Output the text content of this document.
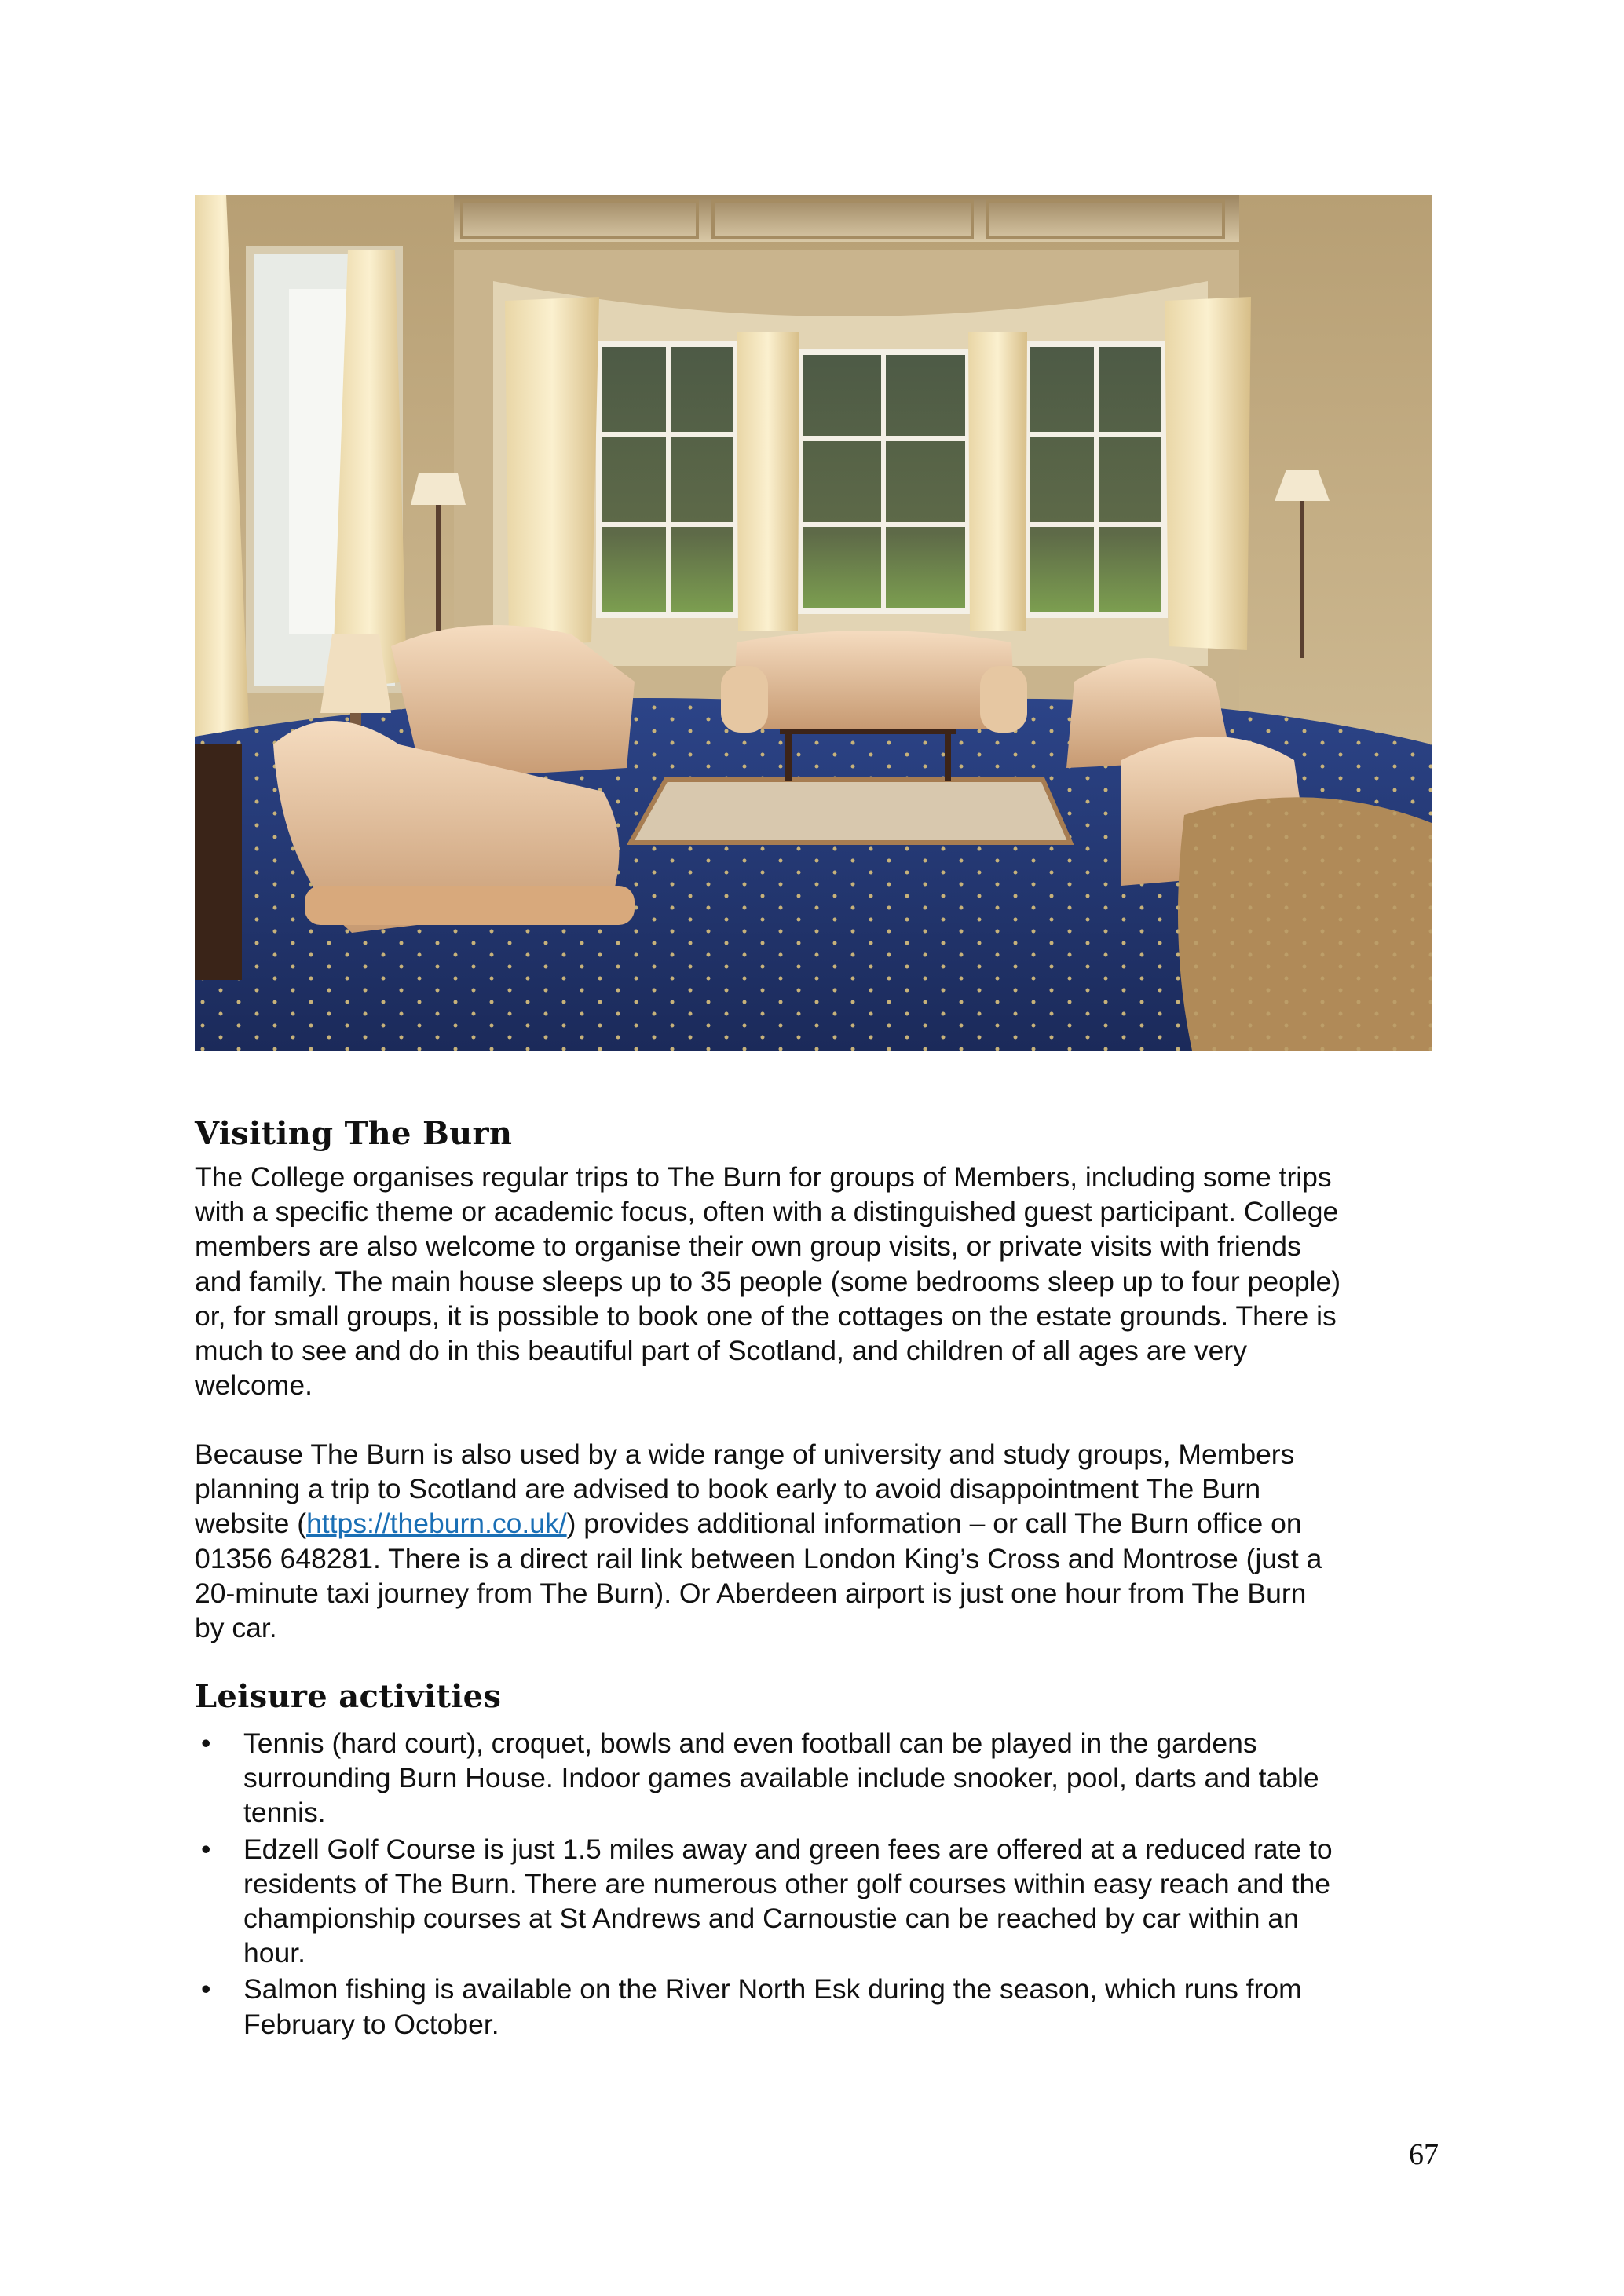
Visiting The Burn

The College organises regular trips to The Burn for groups of Members, including some trips
with a specific theme or academic focus, often with a distinguished guest participant. College
members are also welcome to organise their own group visits, or private visits with friends
and family. The main house sleeps up to 35 people (some bedrooms sleep up to four people)
or, for small groups, it is possible to book one of the cottages on the estate grounds. There is
much to see and do in this beautiful part of Scotland, and children of all ages are very
welcome.

Because The Burn is also used by a wide range of university and study groups, Members
planning a trip to Scotland are advised to book early to avoid disappointment The Burn
website (https://theburn.co.uk/) provides additional information – or call The Burn office on
01356 648281. There is a direct rail link between London King’s Cross and Montrose (just a
20-minute taxi journey from The Burn). Or Aberdeen airport is just one hour from The Burn
by car.

Leisure activities
• Tennis (hard court), croquet, bowls and even football can be played in the gardens
surrounding Burn House. Indoor games available include snooker, pool, darts and table
tennis.
• Edzell Golf Course is just 1.5 miles away and green fees are offered at a reduced rate to
residents of The Burn. There are numerous other golf courses within easy reach and the
championship courses at St Andrews and Carnoustie can be reached by car within an
hour.
• Salmon fishing is available on the River North Esk during the season, which runs from
February to October.
67
